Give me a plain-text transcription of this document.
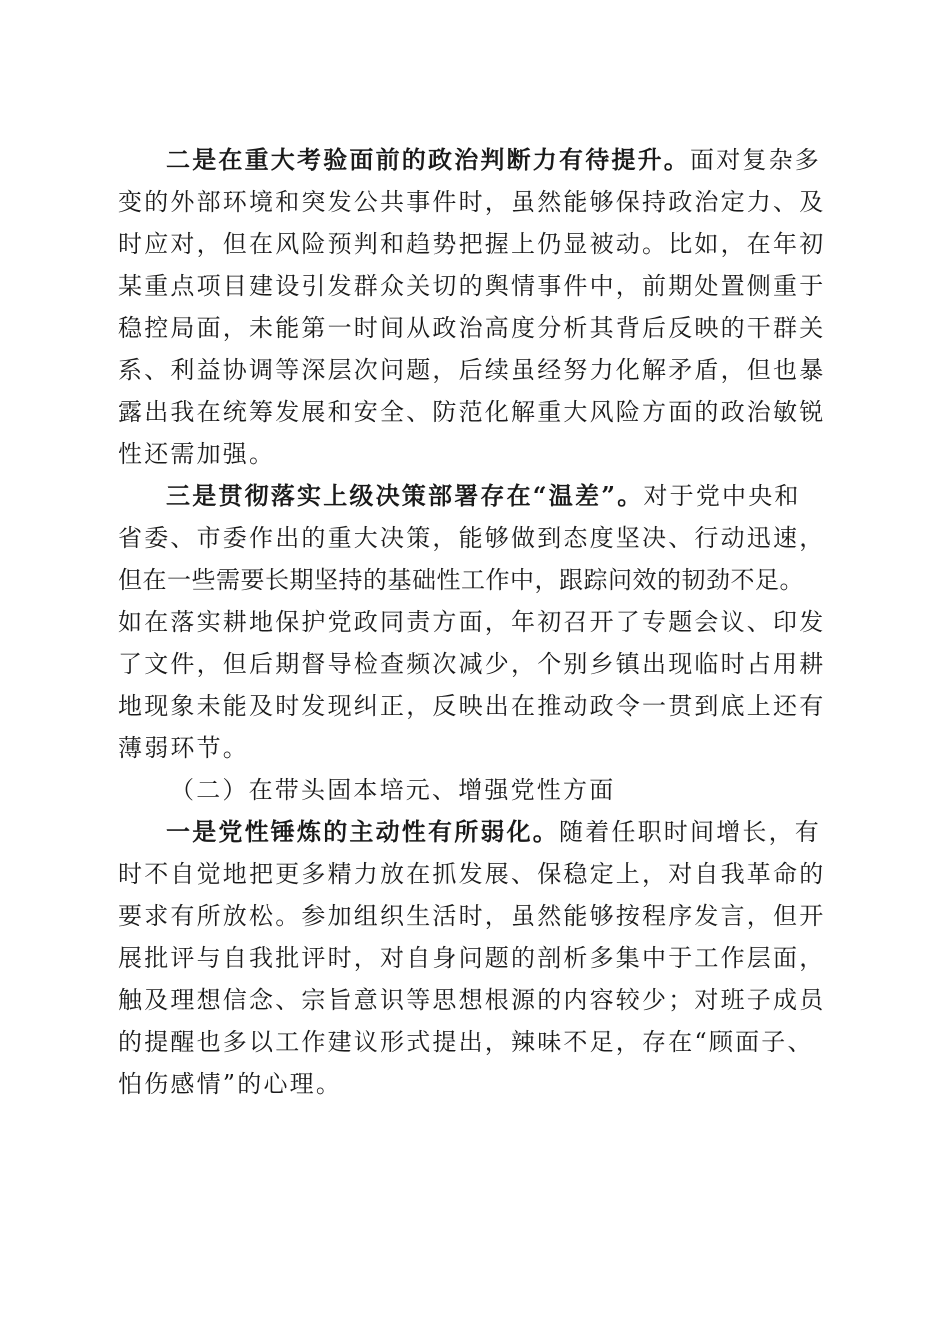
二是在重大考验面前的政治判断力有待提升。面对复杂多
变的外部环境和突发公共事件时，虽然能够保持政治定力、及
时应对，但在风险预判和趋势把握上仍显被动。比如，在年初
某重点项目建设引发群众关切的舆情事件中，前期处置侧重于
稳控局面，未能第一时间从政治高度分析其背后反映的干群关
系、利益协调等深层次问题，后续虽经努力化解矛盾，但也暴
露出我在统筹发展和安全、防范化解重大风险方面的政治敏锐
性还需加强。
三是贯彻落实上级决策部署存在“温差”。对于党中央和
省委、市委作出的重大决策，能够做到态度坚决、行动迅速，
但在一些需要长期坚持的基础性工作中，跟踪问效的韧劲不足。
如在落实耕地保护党政同责方面，年初召开了专题会议、印发
了文件，但后期督导检查频次减少，个别乡镇出现临时占用耕
地现象未能及时发现纠正，反映出在推动政令一贯到底上还有
薄弱环节。
（二）在带头固本培元、增强党性方面
一是党性锤炼的主动性有所弱化。随着任职时间增长，有
时不自觉地把更多精力放在抓发展、保稳定上，对自我革命的
要求有所放松。参加组织生活时，虽然能够按程序发言，但开
展批评与自我批评时，对自身问题的剖析多集中于工作层面，
触及理想信念、宗旨意识等思想根源的内容较少；对班子成员
的提醒也多以工作建议形式提出，辣味不足，存在“顾面子、
怕伤感情”的心理。
